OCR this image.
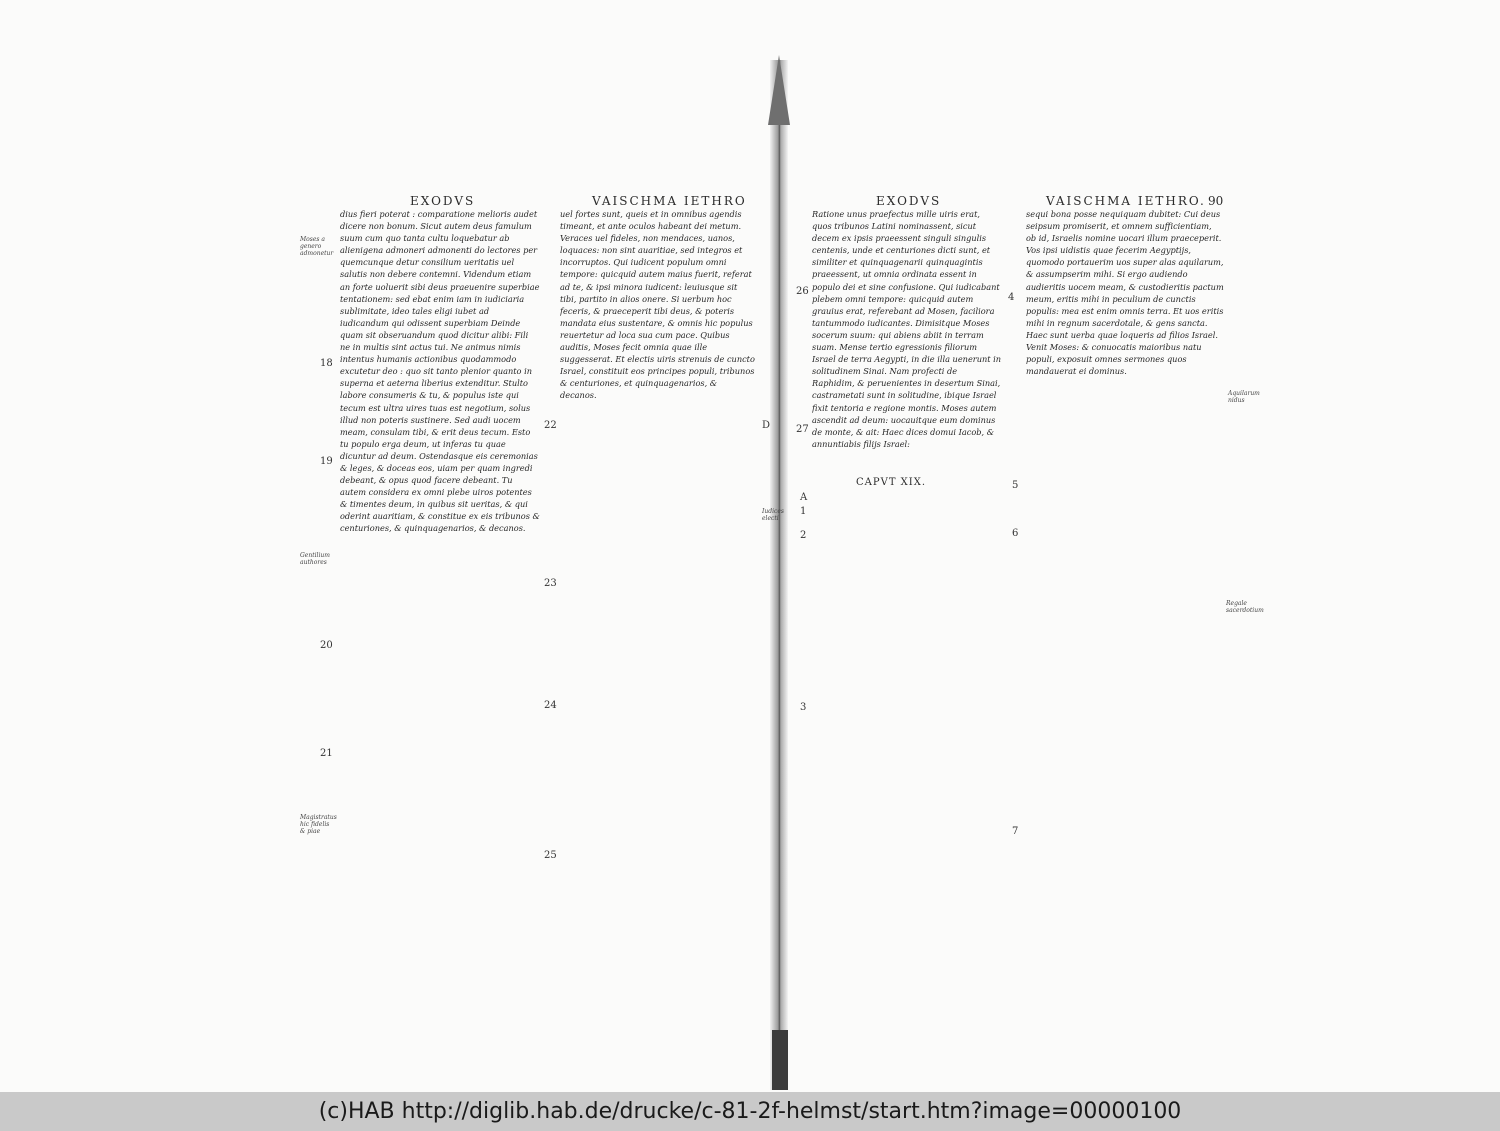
EXODVS	VAISCHMA IETHRO

dius fieri poterat : comparatione melioris audet dicere non bonum. Sicut autem deus famulum suum cum quo tanta cultu loquebatur ab alienigena admoneri admonenti do lectores per quemcunque detur consilium ueritatis uel salutis non debere contemni. Videndum etiam an forte uoluerit sibi deus praeuenire superbiae tentationem: sed ebat enim iam in iudiciaria sublimitate, ideo tales eligi iubet ad iudicandum qui odissent superbiam Deinde quam sit obseruandum quod dicitur alibi: Fili ne in multis sint actus tui. Ne animus nimis intentus humanis actionibus quodammodo excutetur deo : quo sit tanto plenior quanto in superna et aeterna liberius extenditur. Stulto labore consumeris & tu, & populus iste qui tecum est ultra uires tuas est negotium, solus illud non poteris sustinere. Sed audi uocem meam, consulam tibi, & erit deus tecum. Esto tu populo erga deum, ut inferas tu quae dicuntur ad deum. Ostendasque eis ceremonias & leges, & doceas eos, uiam per quam ingredi debeant, & opus quod facere debeant. Tu autem considera ex omni plebe uiros potentes & timentes deum, in quibus sit ueritas, & qui oderint auaritiam, & constitue ex eis tribunos & centuriones, & quinquagenarios, & decanos.

uel fortes sunt, queis et in omnibus agendis timeant, et ante oculos habeant dei metum. Veraces uel fideles, non mendaces, uanos, loquaces: non sint auaritiae, sed integros et incorruptos. Qui iudicent populum omni tempore: quicquid autem maius fuerit, referat ad te, & ipsi minora iudicent: leuiusque sit tibi, partito in alios onere. Si uerbum hoc feceris, & praeceperit tibi deus, & poteris mandata eius sustentare, & omnis hic populus reuertetur ad loca sua cum pace. Quibus auditis, Moses fecit omnia quae ille suggesserat. Et electis uiris strenuis de cuncto Israel, constituit eos principes populi, tribunos & centuriones, et quinquagenarios, & decanos.

18
19
20
21
22
23
24
25
D
Moses a genero admonetur
Gentilium authores
Magistratus hic fidelis & piae
EXODVS	VAISCHMA IETHRO. 90

Ratione unus praefectus mille uiris erat, quos tribunos Latini nominassent, sicut decem ex ipsis praeessent singuli singulis centenis, unde et centuriones dicti sunt, et similiter et quinquagenarii quinquagintis praeessent, ut omnia ordinata essent in populo dei et sine confusione. Qui iudicabant plebem omni tempore: quicquid autem grauius erat, referebant ad Mosen, faciliora tantummodo iudicantes. Dimisitque Moses socerum suum: qui abiens abiit in terram suam. Mense tertio egressionis filiorum Israel de terra Aegypti, in die illa uenerunt in solitudinem Sinai. Nam profecti de Raphidim, & peruenientes in desertum Sinai, castrametati sunt in solitudine, ibique Israel fixit tentoria e regione montis. Moses autem ascendit ad deum: uocauitque eum dominus de monte, & ait: Haec dices domui Iacob, & annuntiabis filijs Israel:

sequi bona posse nequiquam dubitet: Cui deus seipsum promiserit, et omnem sufficientiam, ob id, Israelis nomine uocari illum praeceperit. Vos ipsi uidistis quae fecerim Aegyptijs, quomodo portauerim uos super alas aquilarum, & assumpserim mihi. Si ergo audiendo audieritis uocem meam, & custodieritis pactum meum, eritis mihi in peculium de cunctis populis: mea est enim omnis terra. Et uos eritis mihi in regnum sacerdotale, & gens sancta. Haec sunt uerba quae loqueris ad filios Israel. Venit Moses: & conuocatis maioribus natu populi, exposuit omnes sermones quos mandauerat ei dominus.

CAPVT XIX.
26
27
1
2
3
4
5
6
7
A
Aquilarum nidus
Regale sacerdotium
Iudices electi
(c)HAB http://diglib.hab.de/drucke/c-81-2f-helmst/start.htm?image=00000100
